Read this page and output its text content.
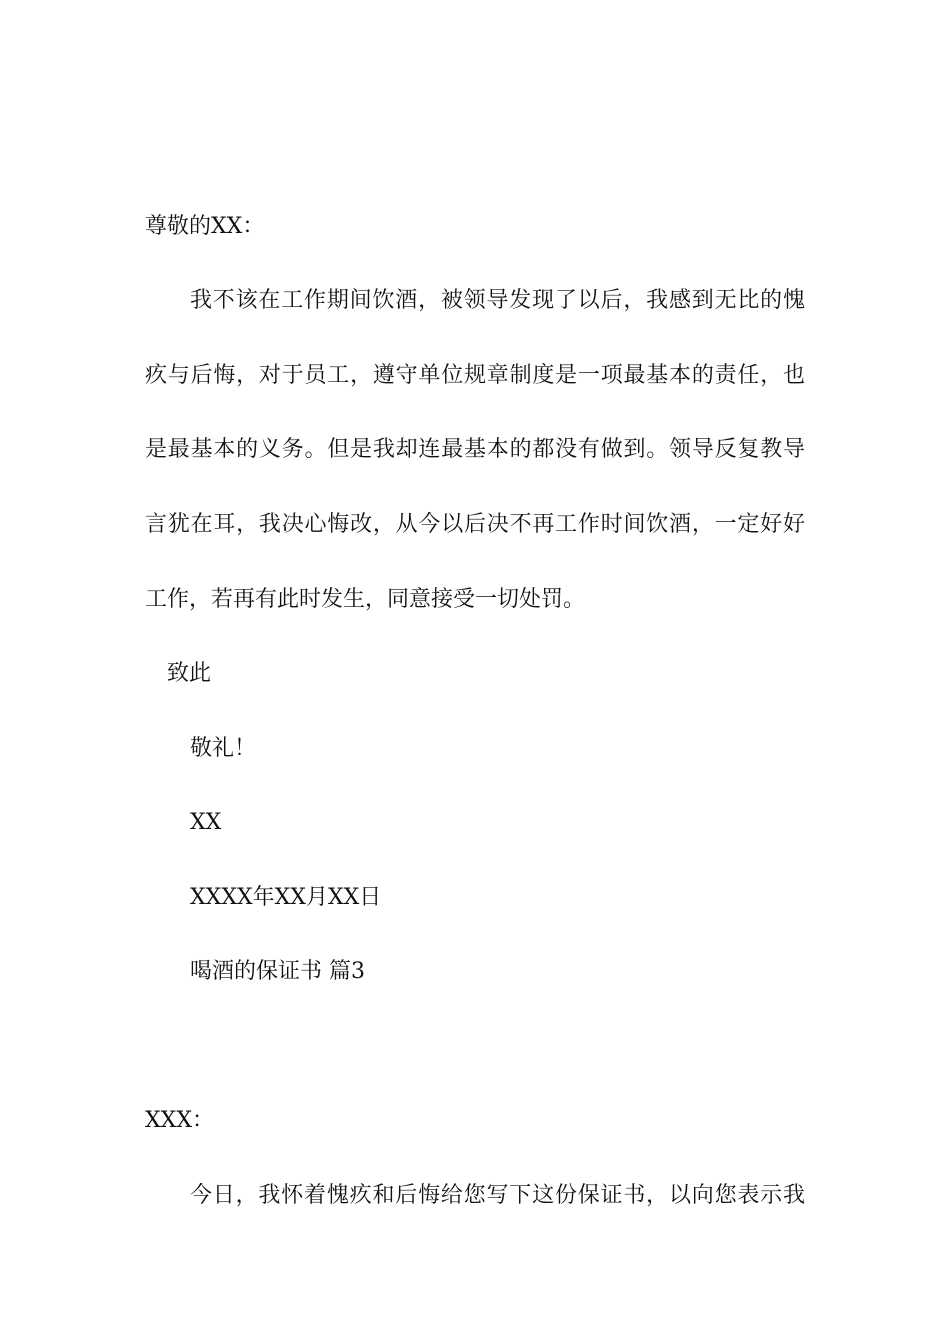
尊敬的XX：
我不该在工作期间饮酒，被领导发现了以后，我感到无比的愧
疚与后悔，对于员工，遵守单位规章制度是一项最基本的责任，也
是最基本的义务。但是我却连最基本的都没有做到。领导反复教导
言犹在耳，我决心悔改，从今以后决不再工作时间饮酒，一定好好
工作，若再有此时发生，同意接受一切处罚。
致此
敬礼！
XX
XXXX年XX月XX日
喝酒的保证书 篇3
XXX：
今日，我怀着愧疚和后悔给您写下这份保证书，以向您表示我
